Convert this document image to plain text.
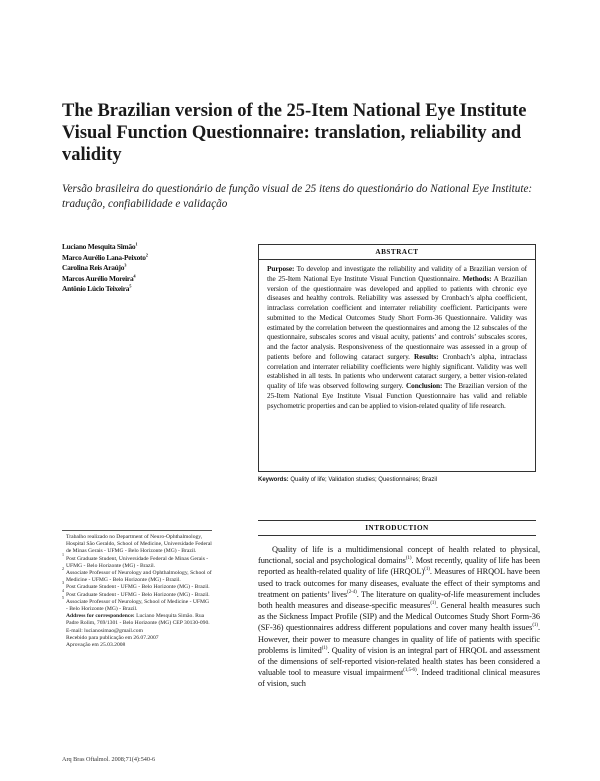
The Brazilian version of the 25-Item National Eye Institute Visual Function Questionnaire: translation, reliability and validity
Versão brasileira do questionário de função visual de 25 itens do questionário do National Eye Institute: tradução, confiabilidade e validação
Luciano Mesquita Simão$^1$
Marco Aurélio Lana-Peixoto$^2$
Carolina Reis Araújo$^3$
Marcos Aurélio Moreira$^4$
Antônio Lúcio Teixeira$^5$
ABSTRACT
Purpose: To develop and investigate the reliability and validity of a Brazilian version of the 25-Item National Eye Institute Visual Function Questionnaire. Methods: A Brazilian version of the questionnaire was developed and applied to patients with chronic eye diseases and healthy controls. Reliability was assessed by Cronbach’s alpha coefficient, intraclass correlation coefficient and interrater reliability coefficient. Participants were submitted to the Medical Outcomes Study Short Form-36 Questionnaire. Validity was estimated by the correlation between the questionnaires and among the 12 subscales of the questionnaire, subscales scores and visual acuity, patients’ and controls’ subscales scores, and the factor analysis. Responsiveness of the questionnaire was assessed in a group of patients before and following cataract surgery. Results: Cronbach’s alpha, intraclass correlation and interrater reliability coefficients were highly significant. Validity was well established in all tests. In patients who underwent cataract surgery, a better vision-related quality of life was observed following surgery. Conclusion: The Brazilian version of the 25-Item National Eye Institute Visual Function Questionnaire has valid and reliable psychometric properties and can be applied to vision-related quality of life research.
Keywords: Quality of life; Validation studies; Questionnaires; Brazil

Trabalho realizado no Department of Neuro-Ophthalmology, Hospital São Geraldo, School of Medicine, Universidade Federal de Minas Gerais - UFMG - Belo Horizonte (MG) - Brazil.

1
Post Graduate Student, Universidade Federal de Minas Gerais - UFMG - Belo Horizonte (MG) - Brazil.

2
Associate Professor of Neurology and Ophthalmology, School of Medicine - UFMG - Belo Horizonte (MG) - Brazil.

3
Post Graduate Student - UFMG - Belo Horizonte (MG) - Brazil.

4
Post Graduate Student - UFMG - Belo Horizonte (MG) - Brazil.

5
Associate Professor of Neurology, School of Medicine - UFMG - Belo Horizonte (MG) - Brazil.

Address for correspondence: Luciano Mesquita Simão. Rua Padre Rolim, 769/1301 - Belo Horizonte (MG) CEP 30130-090.

E-mail: lucianosimao@gmail.com

Recebido para publicação em 26.07.2007

Aprovação em 25.03.2008

INTRODUCTION

Quality of life is a multidimensional concept of health related to physical, functional, social and psychological domains$^{(1)}$. Most recently, quality of life has been reported as health-related quality of life (HRQOL)$^{(1)}$. Measures of HRQOL have been used to track outcomes for many diseases, evaluate the effect of their symptoms and treatment on patients’ lives$^{(2-4)}$. The literature on quality-of-life measurement includes both health measures and disease-specific measures$^{(1)}$. General health measures such as the Sickness Impact Profile (SIP) and the Medical Outcomes Study Short Form-36 (SF-36) questionnaires address different populations and cover many health issues$^{(1)}$. However, their power to measure changes in quality of life of patients with specific problems is limited$^{(1)}$. Quality of vision is an integral part of HRQOL and assessment of the dimensions of self-reported vision-related health states has been considered a valuable tool to measure visual impairment$^{(1,5-6)}$. Indeed traditional clinical measures of vision, such

Arq Bras Oftalmol. 2008;71(4):540-6
